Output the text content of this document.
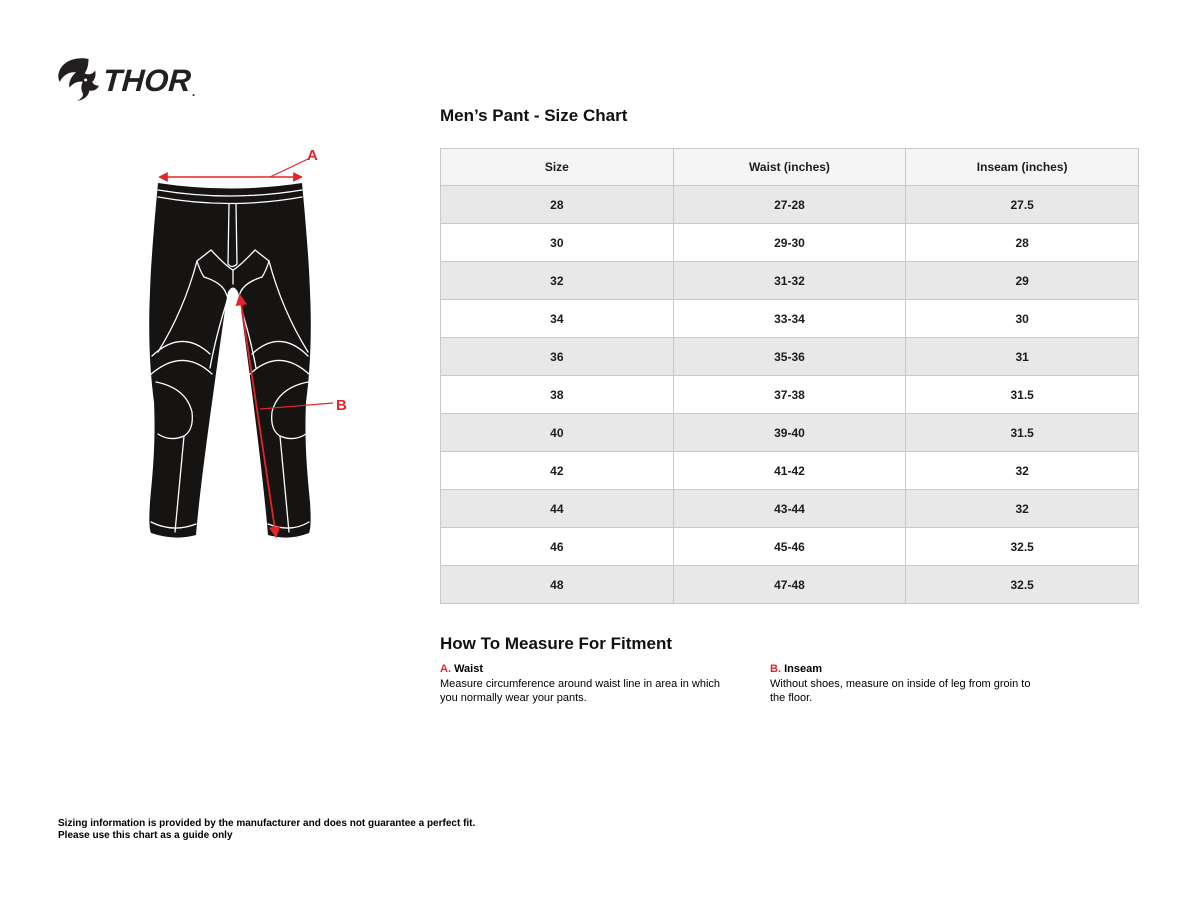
THOR .
A
B
Men’s Pant - Size Chart
Size	Waist (inches)	Inseam (inches)
28	27-28	27.5
30	29-30	28
32	31-32	29
34	33-34	30
36	35-36	31
38	37-38	31.5
40	39-40	31.5
42	41-42	32
44	43-44	32
46	45-46	32.5
48	47-48	32.5
How To Measure For Fitment
A. Waist
Measure circumference around waist line in area in which you normally wear your pants.
B. Inseam
Without shoes, measure on inside of leg from groin to the floor.
Sizing information is provided by the manufacturer and does not guarantee a perfect fit.
Please use this chart as a guide only
